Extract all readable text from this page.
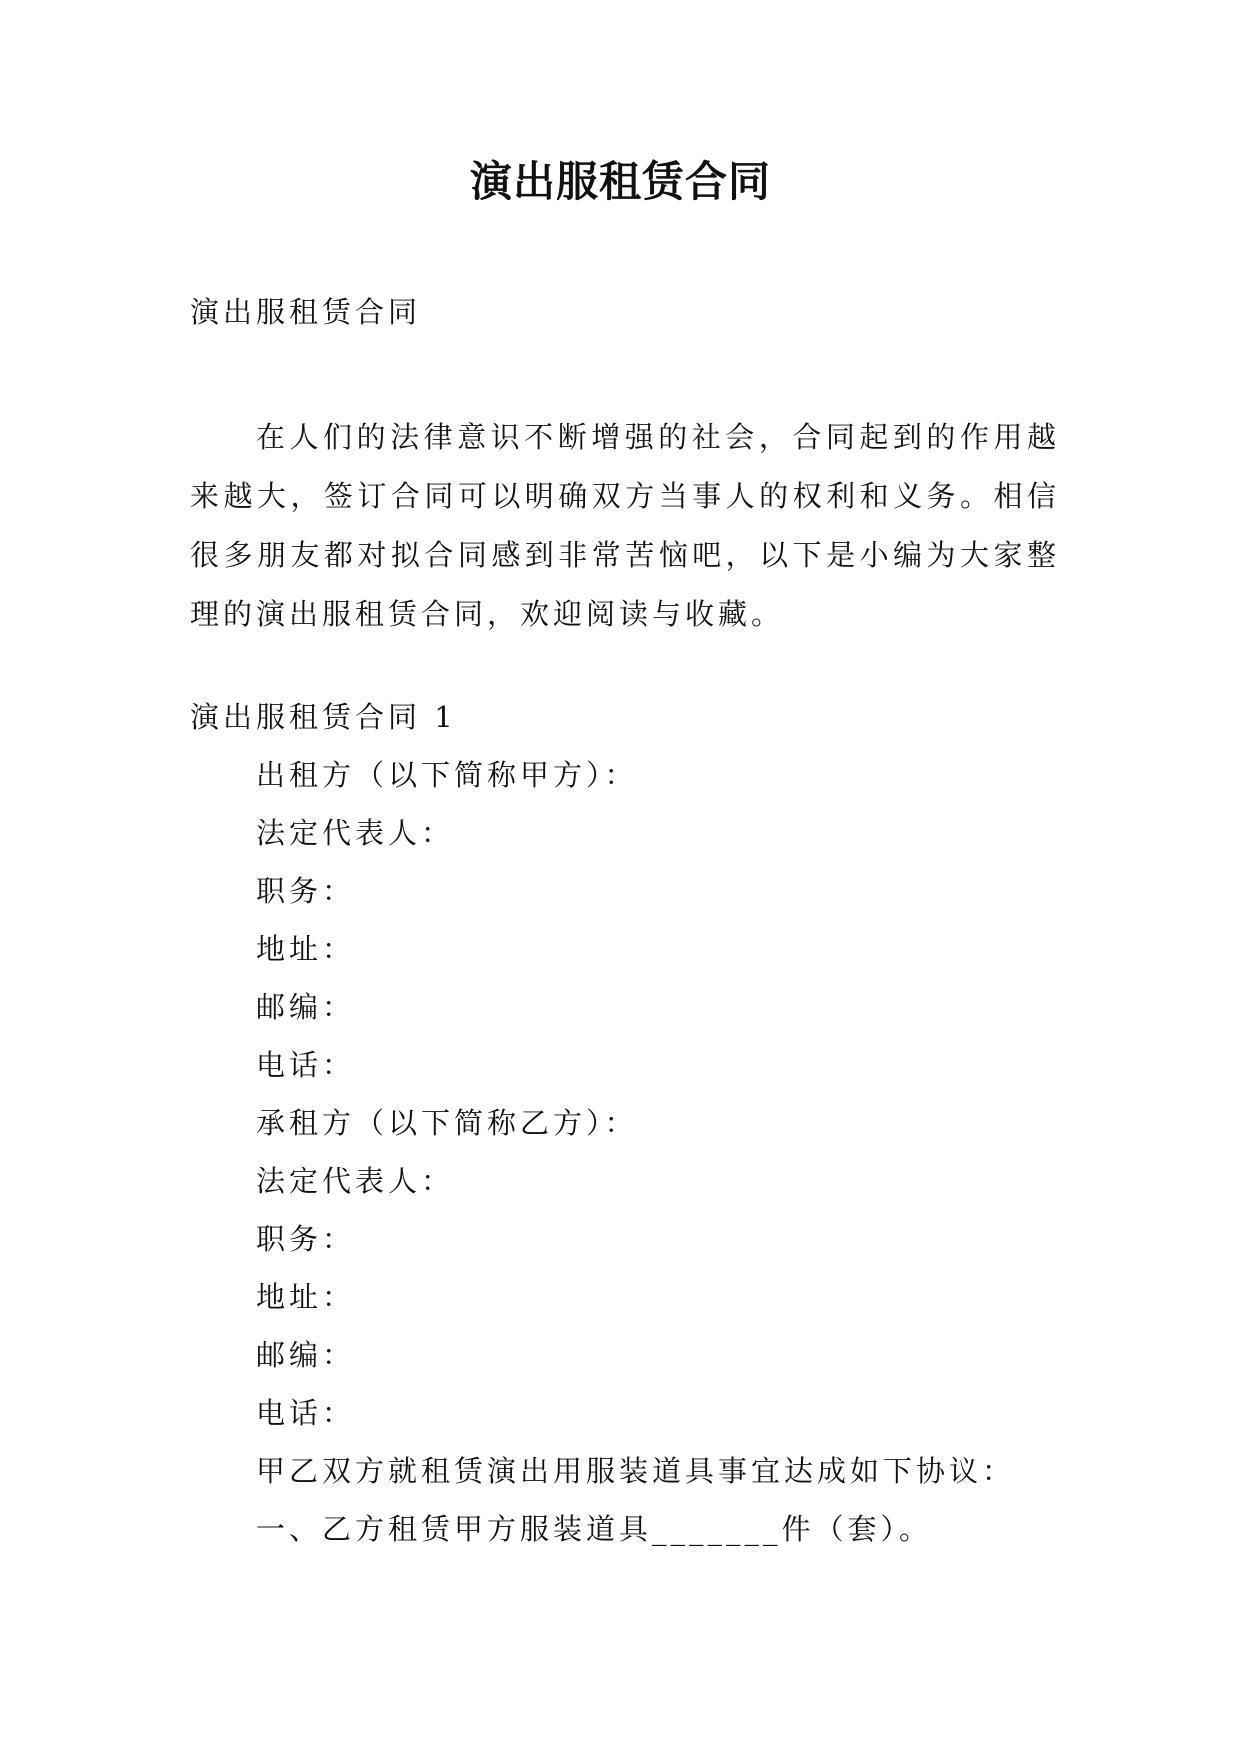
演出服租赁合同
演出服租赁合同

在人们的法律意识不断增强的社会，合同起到的作用越来越大，签订合同可以明确双方当事人的权利和义务。相信很多朋友都对拟合同感到非常苦恼吧，以下是小编为大家整理的演出服租赁合同，欢迎阅读与收藏。

演出服租赁合同 1
出租方（以下简称甲方）：
法定代表人：
职务：
地址：
邮编：
电话：
承租方（以下简称乙方）：
法定代表人：
职务：
地址：
邮编：
电话：
甲乙双方就租赁演出用服装道具事宜达成如下协议：
一、乙方租赁甲方服装道具_______件（套）。
